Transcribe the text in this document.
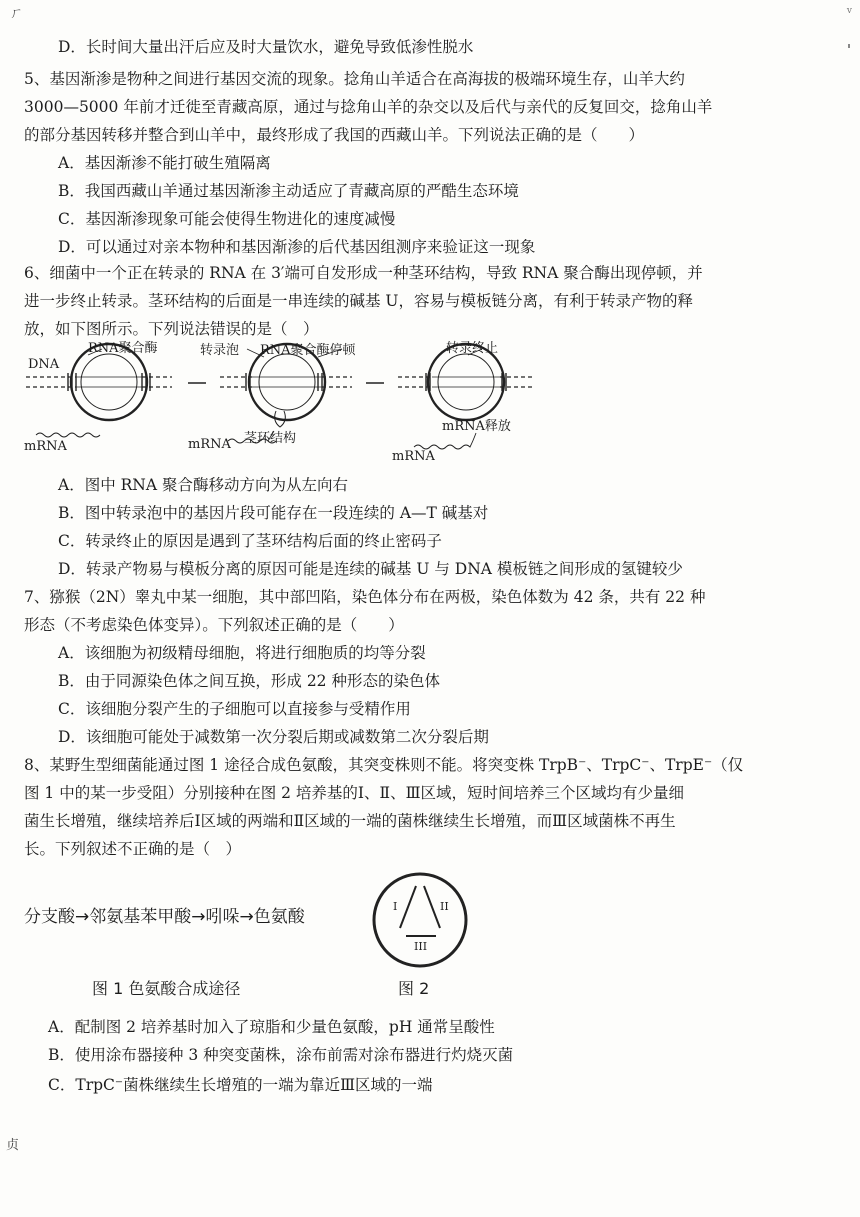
ㄏ	v
D．长时间大量出汗后应及时大量饮水，避免导致低渗性脱水
5、基因渐渗是物种之间进行基因交流的现象。捻角山羊适合在高海拔的极端环境生存，山羊大约
3000—5000 年前才迁徙至青藏高原，通过与捻角山羊的杂交以及后代与亲代的反复回交，捻角山羊
的部分基因转移并整合到山羊中，最终形成了我国的西藏山羊。下列说法正确的是（　　）
A．基因渐渗不能打破生殖隔离
B．我国西藏山羊通过基因渐渗主动适应了青藏高原的严酷生态环境
C．基因渐渗现象可能会使得生物进化的速度减慢
D．可以通过对亲本物种和基因渐渗的后代基因组测序来验证这一现象
6、细菌中一个正在转录的 RNA 在 3′端可自发形成一种茎环结构，导致 RNA 聚合酶出现停顿，并
进一步终止转录。茎环结构的后面是一串连续的碱基 U，容易与模板链分离，有利于转录产物的释
放，如下图所示。下列说法错误的是（　）
DNA
RNA聚合酶
mRNA
转录泡 RNA聚合酶停顿
mRNA 茎环结构
转录终止
mRNA释放
mRNA
A．图中 RNA 聚合酶移动方向为从左向右
B．图中转录泡中的基因片段可能存在一段连续的 A—T 碱基对
C．转录终止的原因是遇到了茎环结构后面的终止密码子
D．转录产物易与模板分离的原因可能是连续的碱基 U 与 DNA 模板链之间形成的氢键较少
7、猕猴（2N）睾丸中某一细胞，其中部凹陷，染色体分布在两极，染色体数为 42 条，共有 22 种
形态（不考虑染色体变异）。下列叙述正确的是（　　）
A．该细胞为初级精母细胞，将进行细胞质的均等分裂
B．由于同源染色体之间互换，形成 22 种形态的染色体
C．该细胞分裂产生的子细胞可以直接参与受精作用
D．该细胞可能处于减数第一次分裂后期或减数第二次分裂后期
8、某野生型细菌能通过图 1 途径合成色氨酸，其突变株则不能。将突变株 TrpB⁻、TrpC⁻、TrpE⁻（仅
图 1 中的某一步受阻）分别接种在图 2 培养基的Ⅰ、Ⅱ、Ⅲ区域，短时间培养三个区域均有少量细
菌生长增殖，继续培养后Ⅰ区域的两端和Ⅱ区域的一端的菌株继续生长增殖，而Ⅲ区域菌株不再生
长。下列叙述不正确的是（　）
分支酸→邻氨基苯甲酸→吲哚→色氨酸
I	II
III
图 1 色氨酸合成途径	图 2
A．配制图 2 培养基时加入了琼脂和少量色氨酸，pH 通常呈酸性
B．使用涂布器接种 3 种突变菌株，涂布前需对涂布器进行灼烧灭菌
C．TrpC⁻菌株继续生长增殖的一端为靠近Ⅲ区域的一端
贞
